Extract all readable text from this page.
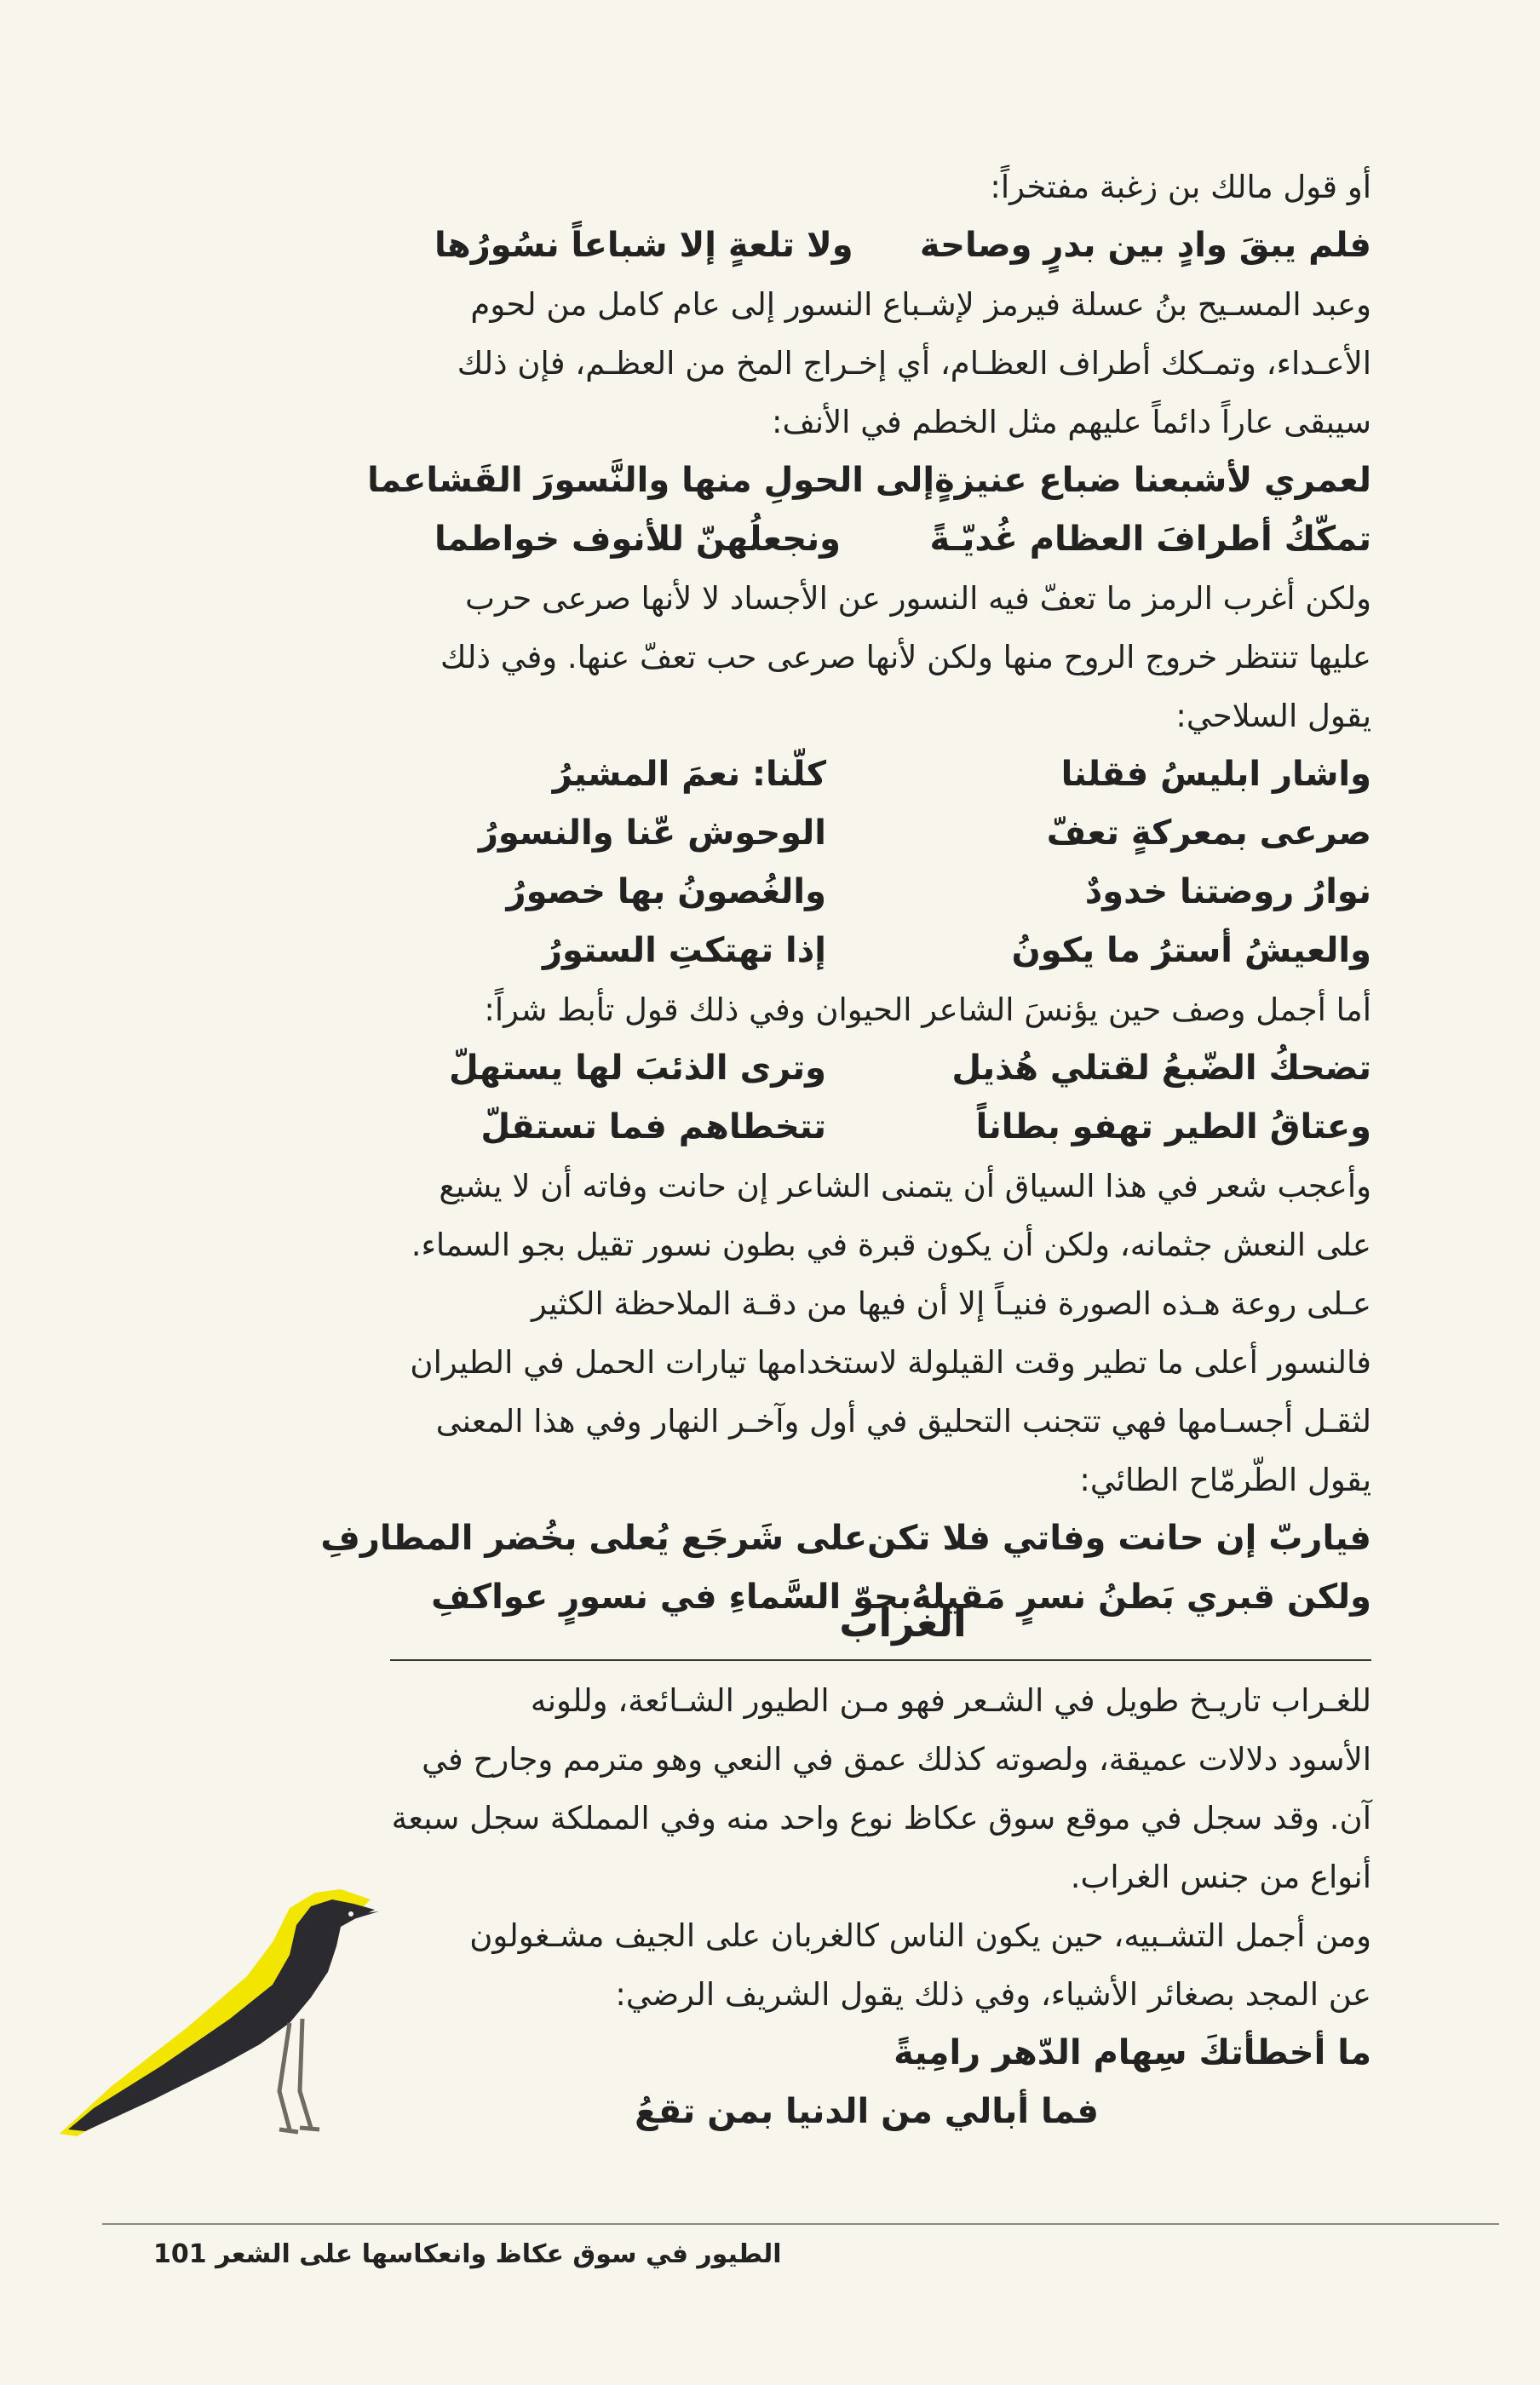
أو قول مالك بن زغبة مفتخراً:
فلم يبقَ وادٍ بين بدرٍ وصاحة
ولا تلعةٍ إلا شباعاً نسُورُها
وعبد المسـيح بنُ عسلة فيرمز لإشـباع النسور إلى عام كامل من لحوم
الأعـداء، وتمـكك أطراف العظـام، أي إخـراج المخ من العظـم، فإن ذلك
سيبقى عاراً دائماً عليهم مثل الخطم في الأنف:
لعمري لأشبعنا ضباع عنيزةٍ
إلى الحولِ منها والنَّسورَ القَشاعما
تمكّكُ أطرافَ العظام غُديّـةً
ونجعلُهنّ للأنوف خواطما
ولكن أغرب الرمز ما تعفّ فيه النسور عن الأجساد لا لأنها صرعى حرب
عليها تنتظر خروج الروح منها ولكن لأنها صرعى حب تعفّ عنها. وفي ذلك
يقول السلاحي:
واشار ابليسُ فقلنا
كلّنا: نعمَ المشيرُ
صرعى بمعركةٍ تعفّ
الوحوش عّنا والنسورُ
نوارُ روضتنا خدودٌ
والغُصونُ بها خصورُ
والعيشُ أسترُ ما يكونُ
إذا تهتكتِ الستورُ
أما أجمل وصف حين يؤنسَ الشاعر الحيوان وفي ذلك قول تأبط شراً:
تضحكُ الضّبعُ لقتلي هُذيل
وترى الذئبَ لها يستهلّ
وعتاقُ الطير تهفو بطاناً
تتخطاهم فما تستقلّ
وأعجب شعر في هذا السياق أن يتمنى الشاعر إن حانت وفاته أن لا يشيع
على النعش جثمانه، ولكن أن يكون قبرة في بطون نسور تقيل بجو السماء.
عـلى روعة هـذه الصورة فنيـاً إلا أن فيها من دقـة الملاحظة الكثير
فالنسور أعلى ما تطير وقت القيلولة لاستخدامها تيارات الحمل في الطيران
لثقـل أجسـامها فهي تتجنب التحليق في أول وآخـر النهار وفي هذا المعنى
يقول الطّرمّاح الطائي:
فياربّ إن حانت وفاتي فلا تكن
على شَرجَع يُعلى بخُضر المطارفِ
ولكن قبري بَطنُ نسرٍ مَقيلهُ
بجوّ السَّماءِ في نسورٍ عواكفِ
الغراب
للغـراب تاريـخ طويل في الشـعر فهو مـن الطيور الشـائعة، وللونه
الأسود دلالات عميقة، ولصوته كذلك عمق في النعي وهو مترمم وجارح في
آن. وقد سجل في موقع سوق عكاظ نوع واحد منه وفي المملكة سجل سبعة
أنواع من جنس الغراب.
ومن أجمل التشـبيه، حين يكون الناس كالغربان على الجيف مشـغولون
عن المجد بصغائر الأشياء، وفي ذلك يقول الشريف الرضي:
ما أخطأتكَ سِهام الدّهر رامِيةً
فما أبالي من الدنيا بمن تقعُ
الطيور في سوق عكاظ وانعكاسها على الشعر 101
